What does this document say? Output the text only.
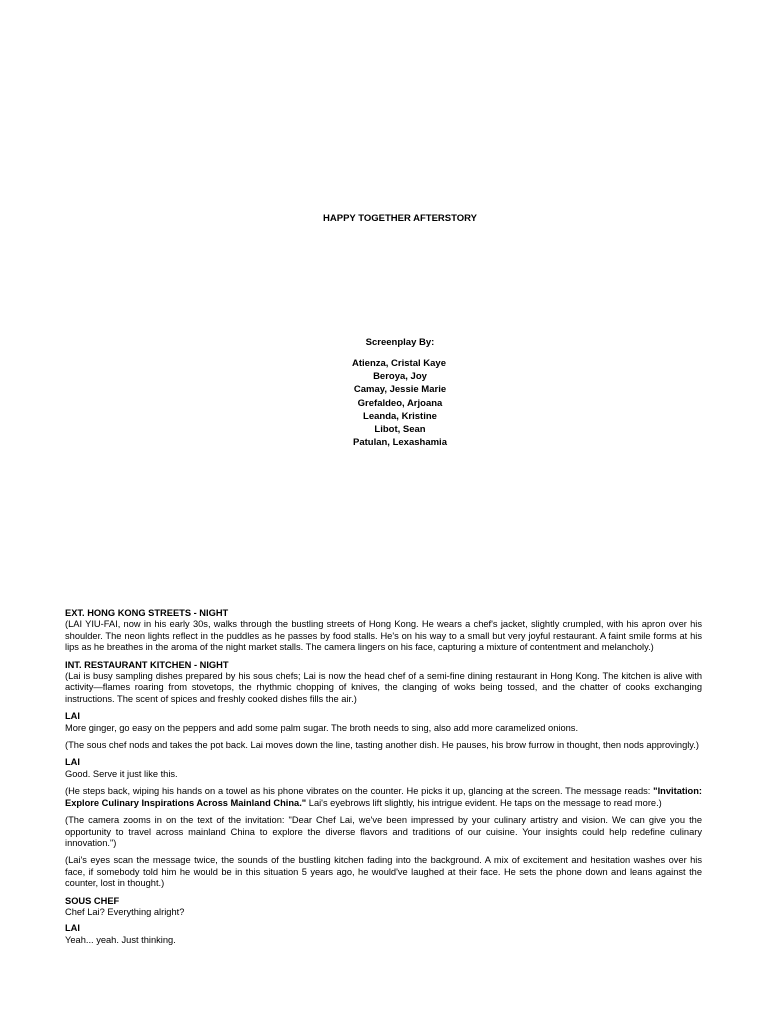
HAPPY TOGETHER AFTERSTORY
Screenplay By:
Atienza, Cristal Kaye
Beroya, Joy
Camay, Jessie Marie
Grefaldeo, Arjoana
Leanda, Kristine
Libot, Sean
Patulan, Lexashamia

EXT. HONG KONG STREETS - NIGHT

(LAI YIU-FAI, now in his early 30s, walks through the bustling streets of Hong Kong. He wears a chef's jacket, slightly crumpled, with his apron over his shoulder. The neon lights reflect in the puddles as he passes by food stalls. He's on his way to a small but very joyful restaurant. A faint smile forms at his lips as he breathes in the aroma of the night market stalls. The camera lingers on his face, capturing a mixture of contentment and melancholy.)

INT. RESTAURANT KITCHEN - NIGHT

(Lai is busy sampling dishes prepared by his sous chefs; Lai is now the head chef of a semi-fine dining restaurant in Hong Kong. The kitchen is alive with activity—flames roaring from stovetops, the rhythmic chopping of knives, the clanging of woks being tossed, and the chatter of cooks exchanging instructions. The scent of spices and freshly cooked dishes fills the air.)

LAI

More ginger, go easy on the peppers and add some palm sugar. The broth needs to sing, also add more caramelized onions.

(The sous chef nods and takes the pot back. Lai moves down the line, tasting another dish. He pauses, his brow furrow in thought, then nods approvingly.)

LAI

Good. Serve it just like this.

(He steps back, wiping his hands on a towel as his phone vibrates on the counter. He picks it up, glancing at the screen. The message reads: "Invitation: Explore Culinary Inspirations Across Mainland China." Lai's eyebrows lift slightly, his intrigue evident. He taps on the message to read more.)

(The camera zooms in on the text of the invitation: "Dear Chef Lai, we've been impressed by your culinary artistry and vision. We can give you the opportunity to travel across mainland China to explore the diverse flavors and traditions of our cuisine. Your insights could help redefine culinary innovation.")

(Lai's eyes scan the message twice, the sounds of the bustling kitchen fading into the background. A mix of excitement and hesitation washes over his face, if somebody told him he would be in this situation 5 years ago, he would've laughed at their face. He sets the phone down and leans against the counter, lost in thought.)

SOUS CHEF

Chef Lai? Everything alright?

LAI

Yeah... yeah. Just thinking.
